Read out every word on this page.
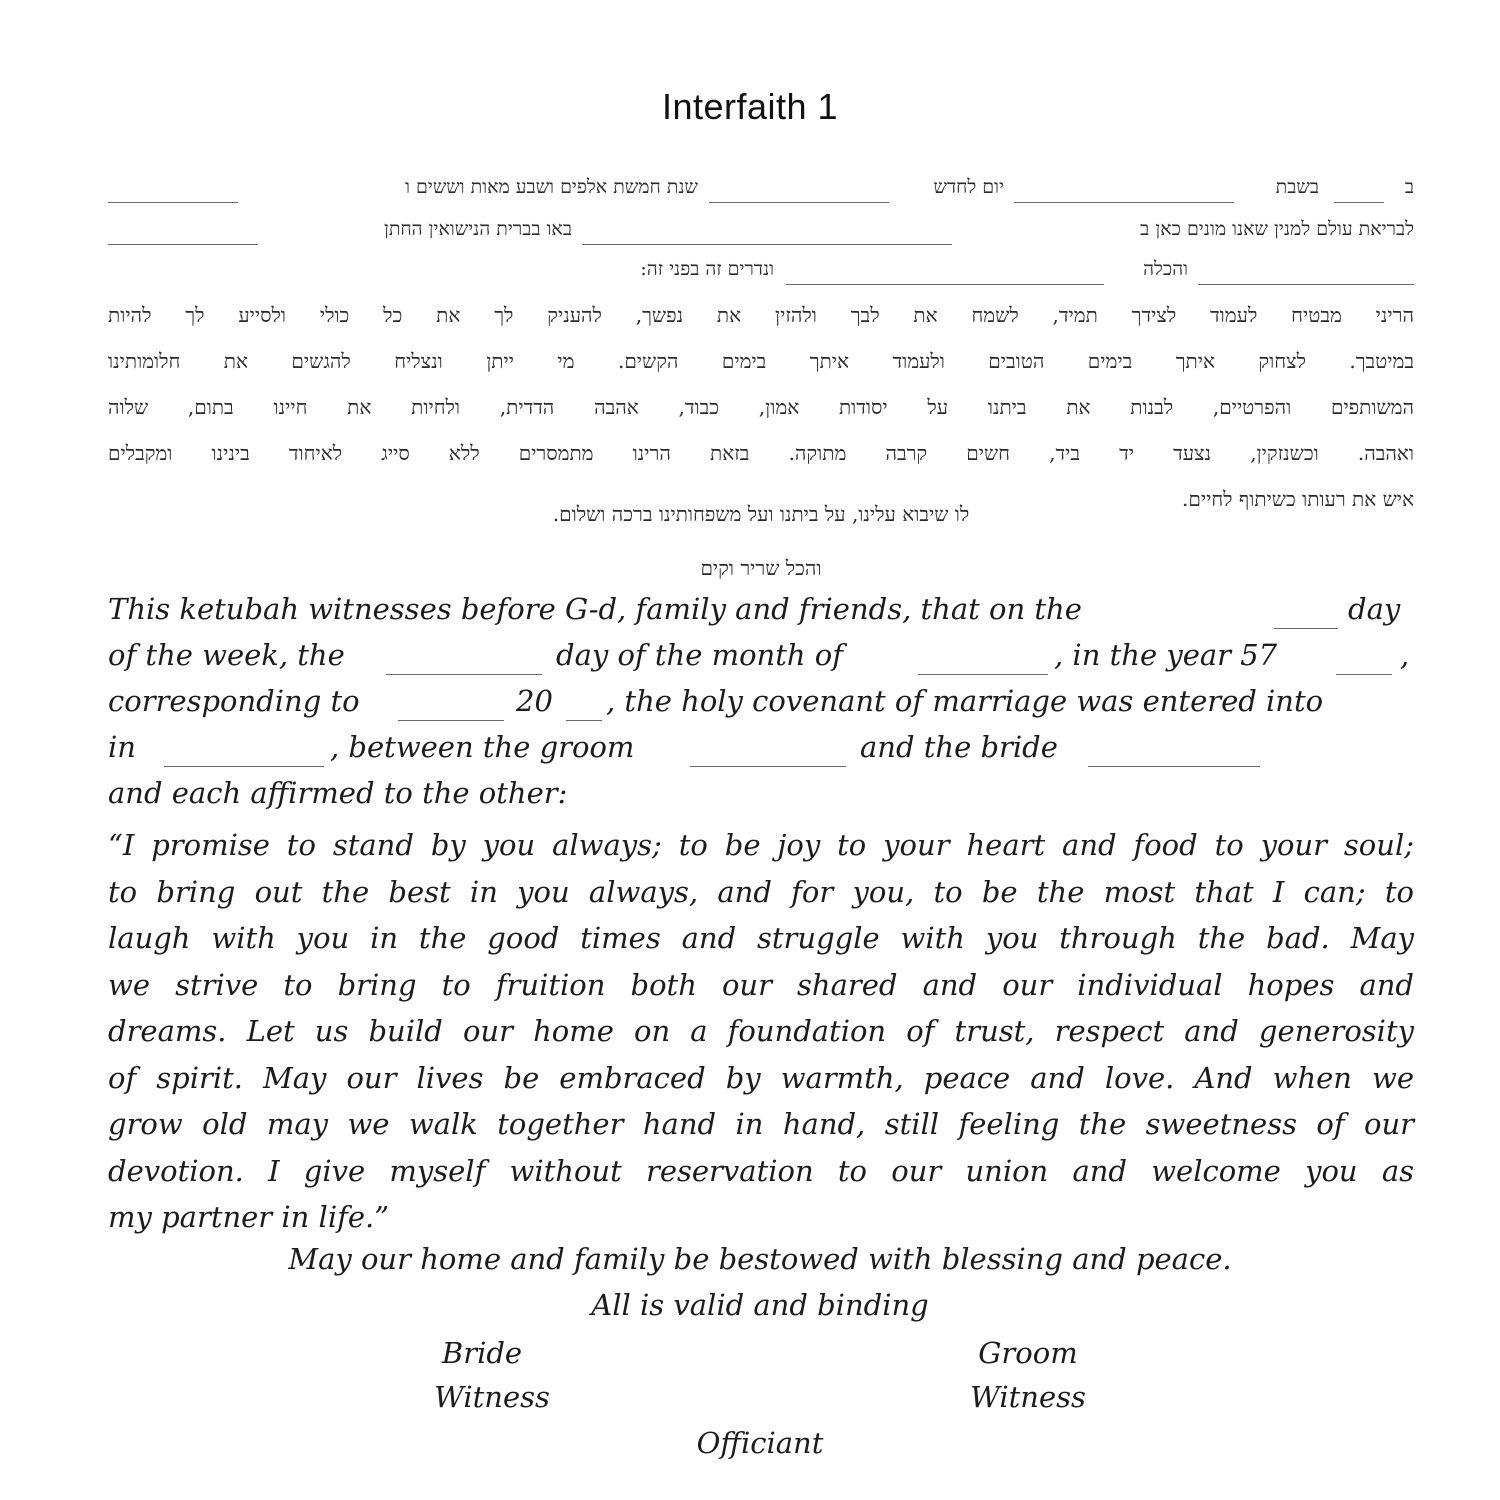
Interfaith 1
ב
בשבת
יום לחדש
שנת חמשת אלפים ושבע מאות וששים ו
לבריאת עולם למנין שאנו מונים כאן ב
באו בברית הנישואין החתן
והכלה
ונדרים זה בפני זה:
הריני מבטיח לעמוד לצידך תמיד, לשמח את לבך ולהזין את נפשך, להעניק לך את כל כולי ולסייע לך להיות
במיטבך. לצחוק איתך בימים הטובים ולעמוד איתך בימים הקשים. מי ייתן ונצליח להגשים את חלומותינו
המשותפים והפרטיים, לבנות את ביתנו על יסודות אמון, כבוד, אהבה הדדית, ולחיות את חיינו בתום, שלוה
ואהבה. וכשנזקין, נצעד יד ביד, חשים קרבה מתוקה. בזאת הרינו מתמסרים ללא סייג לאיחוד בינינו ומקבלים
איש את רעותו כשיתוף לחיים.
לו שיבוא עלינו, על ביתנו ועל משפחותינו ברכה ושלום.
והכל שריר וקים
This ketubah witnesses before G-d, family and friends, that on the	day
of the week, the	day of the month of	, in the year 57	,
corresponding to	20 , the holy covenant of marriage was entered into
in	, between the groom	and the bride
and each affirmed to the other:
“I promise to stand by you always; to be joy to your heart and food to your soul;
to bring out the best in you always, and for you, to be the most that I can; to
laugh with you in the good times and struggle with you through the bad. May
we strive to bring to fruition both our shared and our individual hopes and
dreams. Let us build our home on a foundation of trust, respect and generosity
of spirit. May our lives be embraced by warmth, peace and love. And when we
grow old may we walk together hand in hand, still feeling the sweetness of our
devotion. I give myself without reservation to our union and welcome you as
my partner in life.”
May our home and family be bestowed with blessing and peace.
All is valid and binding
Bride	Groom
Witness	Witness
Officiant
